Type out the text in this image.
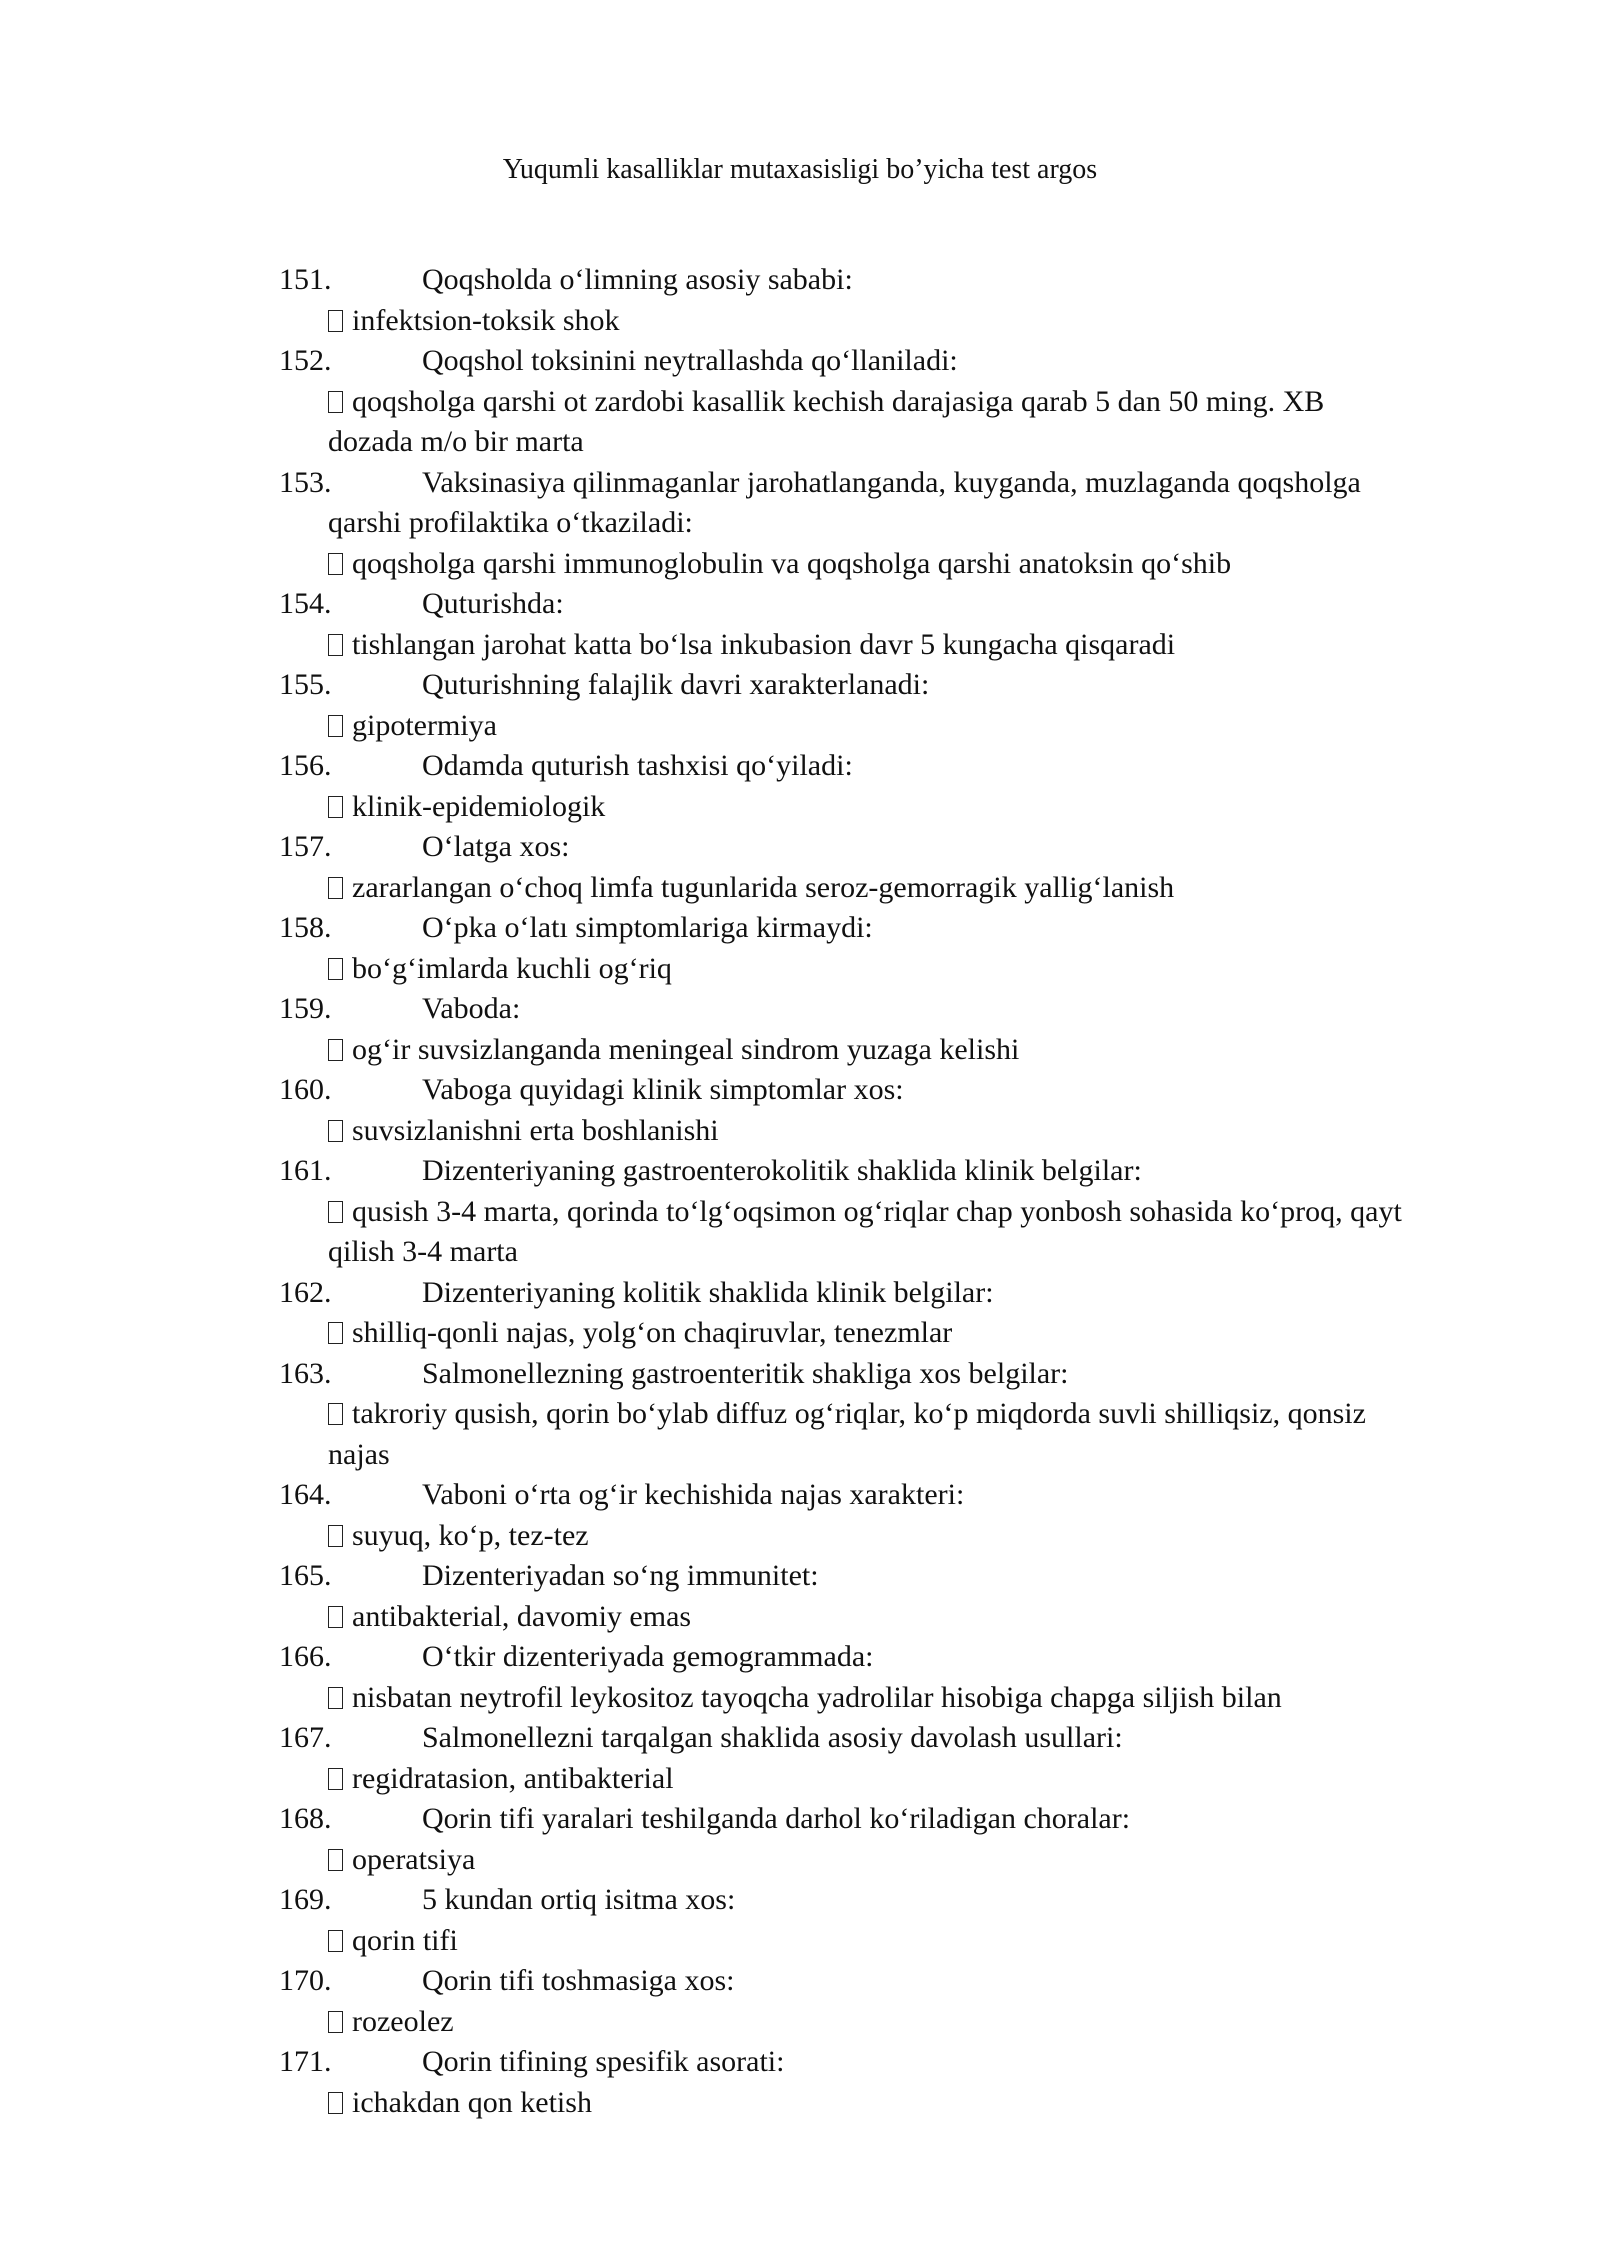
Yuqumli kasalliklar mutaxasisligi bo’yicha test argos
151.	Qoqsholda o‘limning asosiy sababi:
infektsion-toksik shok
152.	Qoqshol toksinini neytrallashda qo‘llaniladi:
qoqsholga qarshi ot zardobi kasallik kechish darajasiga qarab 5 dan 50 ming. XB
dozada m/o bir marta
153.	Vaksinasiya qilinmaganlar jarohatlanganda, kuyganda, muzlaganda qoqsholga
qarshi profilaktika o‘tkaziladi:
qoqsholga qarshi immunoglobulin va qoqsholga qarshi anatoksin qo‘shib
154.	Quturishda:
tishlangan jarohat katta bo‘lsa inkubasion davr 5 kungacha qisqaradi
155.	Quturishning falajlik davri xarakterlanadi:
gipotermiya
156.	Odamda quturish tashxisi qo‘yiladi:
klinik-epidemiologik
157.	O‘latga xos:
zararlangan o‘choq limfa tugunlarida seroz-gemorragik yallig‘lanish
158.	O‘pka o‘latı simptomlariga kirmaydi:
bo‘g‘imlarda kuchli og‘riq
159.	Vaboda:
og‘ir suvsizlanganda meningeal sindrom yuzaga kelishi
160.	Vaboga quyidagi klinik simptomlar xos:
suvsizlanishni erta boshlanishi
161.	Dizenteriyaning gastroenterokolitik shaklida klinik belgilar:
qusish 3-4 marta, qorinda to‘lg‘oqsimon og‘riqlar chap yonbosh sohasida ko‘proq, qayt
qilish 3-4 marta
162.	Dizenteriyaning kolitik shaklida klinik belgilar:
shilliq-qonli najas, yolg‘on chaqiruvlar, tenezmlar
163.	Salmonellezning gastroenteritik shakliga xos belgilar:
takroriy qusish, qorin bo‘ylab diffuz og‘riqlar, ko‘p miqdorda suvli shilliqsiz, qonsiz
najas
164.	Vaboni o‘rta og‘ir kechishida najas xarakteri:
suyuq, ko‘p, tez-tez
165.	Dizenteriyadan so‘ng immunitet:
antibakterial, davomiy emas
166.	O‘tkir dizenteriyada gemogrammada:
nisbatan neytrofil leykositoz tayoqcha yadrolilar hisobiga chapga siljish bilan
167.	Salmonellezni tarqalgan shaklida asosiy davolash usullari:
regidratasion, antibakterial
168.	Qorin tifi yaralari teshilganda darhol ko‘riladigan choralar:
operatsiya
169.	5 kundan ortiq isitma xos:
qorin tifi
170.	Qorin tifi toshmasiga xos:
rozeolez
171.	Qorin tifining spesifik asorati:
ichakdan qon ketish
